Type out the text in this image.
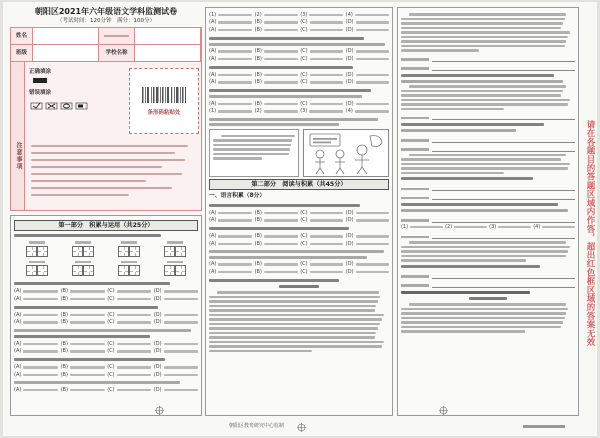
朝阳区2021年六年级语文学科监测试卷
（考试时间：120分钟　满分：100分）
姓名
班级	学校名称
注意事项
正确填涂
错误填涂
条形码粘贴处
第一部分　积累与运用（共25分）
(A)	(B)	(C)	(D)
(A)	(B)	(C)	(D)
(A)	(B)	(C)	(D)
(A)	(B)	(C)	(D)
(A)	(B)	(C)	(D)
(A)	(B)	(C)	(D)
(A)	(B)	(C)	(D)
(A)	(B)	(C)	(D)
(A)	(B)	(C)	(D)
(1)	(2)	(3)	(4)
(A)	(B)	(C)	(D)
(A)	(B)	(C)	(D)
(A)	(B)	(C)	(D)
(A)	(B)	(C)	(D)
(A)	(B)	(C)	(D)
(A)	(B)	(C)	(D)
(A)	(B)	(C)	(D)
(1)	(2)	(3)	(4)
第二部分　阅读与积累（共45分）
一、语言积累（8分）
(A)	(B)	(C)	(D)
(A)	(B)	(C)	(D)
(A)	(B)	(C)	(D)
(A)	(B)	(C)	(D)
(A)	(B)	(C)	(D)
(A)	(B)	(C)	(D)
(1)	(2)	(3)	(4)	请在各题目的答题区域内作答，超出红色框区域的答案无效
朝阳区教育研究中心监制
